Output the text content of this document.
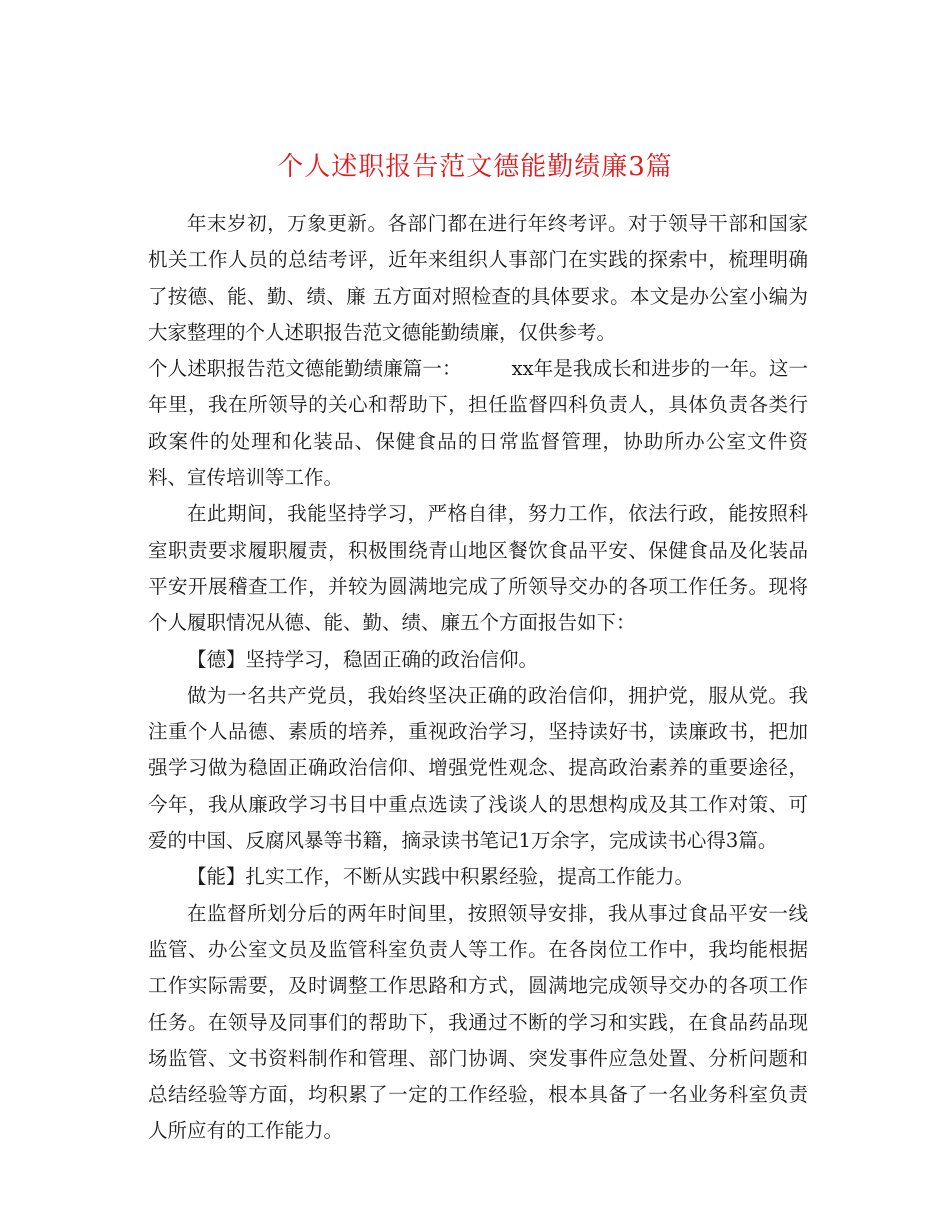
个人述职报告范文德能勤绩廉3篇

年末岁初，万象更新。各部门都在进行年终考评。对于领导干部和国家机关工作人员的总结考评，近年来组织人事部门在实践的探索中，梳理明确了按德、能、勤、绩、廉 五方面对照检查的具体要求。本文是办公室小编为大家整理的个人述职报告范文德能勤绩廉，仅供参考。

个人述职报告范文德能勤绩廉篇一：	xx年是我成长和进步的一年。这一年里，我在所领导的关心和帮助下，担任监督四科负责人，具体负责各类行政案件的处理和化装品、保健食品的日常监督管理，协助所办公室文件资料、宣传培训等工作。

在此期间，我能坚持学习，严格自律，努力工作，依法行政，能按照科室职责要求履职履责，积极围绕青山地区餐饮食品平安、保健食品及化装品平安开展稽查工作，并较为圆满地完成了所领导交办的各项工作任务。现将个人履职情况从德、能、勤、绩、廉五个方面报告如下：

【德】坚持学习，稳固正确的政治信仰。

做为一名共产党员，我始终坚决正确的政治信仰，拥护党，服从党。我注重个人品德、素质的培养，重视政治学习，坚持读好书，读廉政书，把加强学习做为稳固正确政治信仰、增强党性观念、提高政治素养的重要途径，今年，我从廉政学习书目中重点选读了浅谈人的思想构成及其工作对策、可爱的中国、反腐风暴等书籍，摘录读书笔记1万余字，完成读书心得3篇。

【能】扎实工作，不断从实践中积累经验，提高工作能力。

在监督所划分后的两年时间里，按照领导安排，我从事过食品平安一线监管、办公室文员及监管科室负责人等工作。在各岗位工作中，我均能根据工作实际需要，及时调整工作思路和方式，圆满地完成领导交办的各项工作任务。在领导及同事们的帮助下，我通过不断的学习和实践，在食品药品现场监管、文书资料制作和管理、部门协调、突发事件应急处置、分析问题和总结经验等方面，均积累了一定的工作经验，根本具备了一名业务科室负责人所应有的工作能力。
